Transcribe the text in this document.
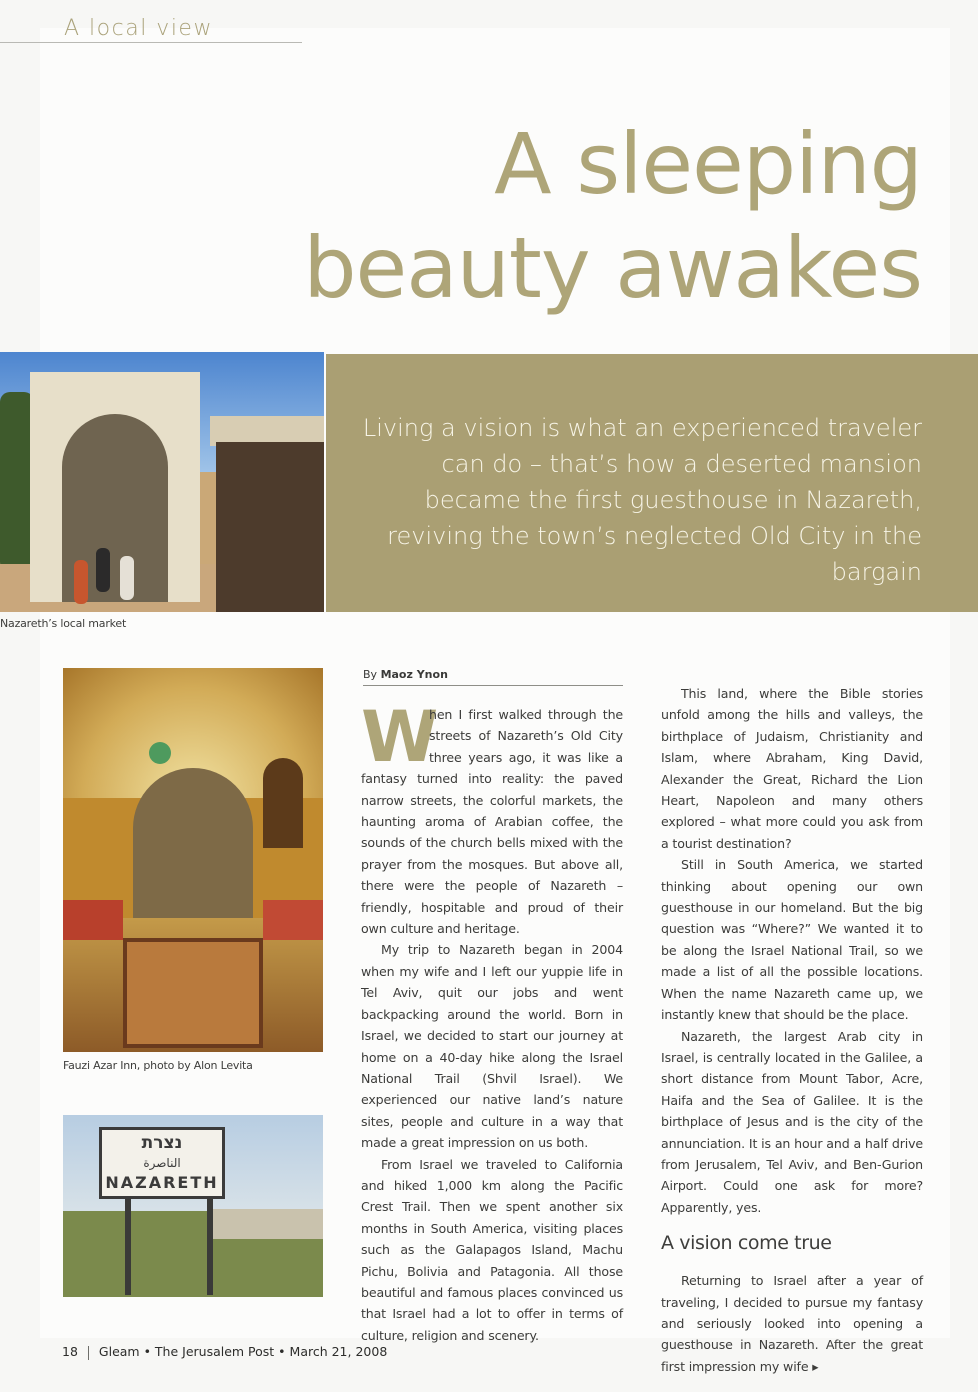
A local view
A sleeping
beauty awakes
Living a vision is what an experienced traveler can do – that’s how a deserted mansion became the first guesthouse in Nazareth, reviving the town’s neglected Old City in the bargain
Nazareth’s local market
Fauzi Azar Inn, photo by Alon Levita
נצרת
الناصرة
NAZARETH
By Maoz Ynon

W
hen I first walked through the streets of Nazareth’s Old City three years ago, it was like a fantasy turned into reality: the paved narrow streets, the colorful markets, the haunting aroma of Arabian coffee, the sounds of the church bells mixed with the prayer from the mosques. But above all, there were the people of Nazareth – friendly, hospitable and proud of their own culture and heritage.

My trip to Nazareth began in 2004 when my wife and I left our yuppie life in Tel Aviv, quit our jobs and went backpacking around the world. Born in Israel, we decided to start our journey at home on a 40-day hike along the Israel National Trail (Shvil Israel). We experienced our native land’s nature sites, people and culture in a way that made a great impression on us both.

From Israel we traveled to California and hiked 1,000 km along the Pacific Crest Trail. Then we spent another six months in South America, visiting places such as the Galapagos Island, Machu Pichu, Bolivia and Patagonia. All those beautiful and famous places convinced us that Israel had a lot to offer in terms of culture, religion and scenery.

This land, where the Bible stories unfold among the hills and valleys, the birthplace of Judaism, Christianity and Islam, where Abraham, King David, Alexander the Great, Richard the Lion Heart, Napoleon and many others explored – what more could you ask from a tourist destination?

Still in South America, we started thinking about opening our own guesthouse in our homeland. But the big question was “Where?” We wanted it to be along the Israel National Trail, so we made a list of all the possible locations. When the name Nazareth came up, we instantly knew that should be the place.

Nazareth, the largest Arab city in Israel, is centrally located in the Galilee, a short distance from Mount Tabor, Acre, Haifa and the Sea of Galilee. It is the birthplace of Jesus and is the city of the annunciation. It is an hour and a half drive from Jerusalem, Tel Aviv, and Ben-Gurion Airport. Could one ask for more? Apparently, yes.

A vision come true

Returning to Israel after a year of traveling, I decided to pursue my fantasy and seriously looked into opening a guesthouse in Nazareth. After the great first impression my wife ▸

18 Gleam • The Jerusalem Post • March 21, 2008
